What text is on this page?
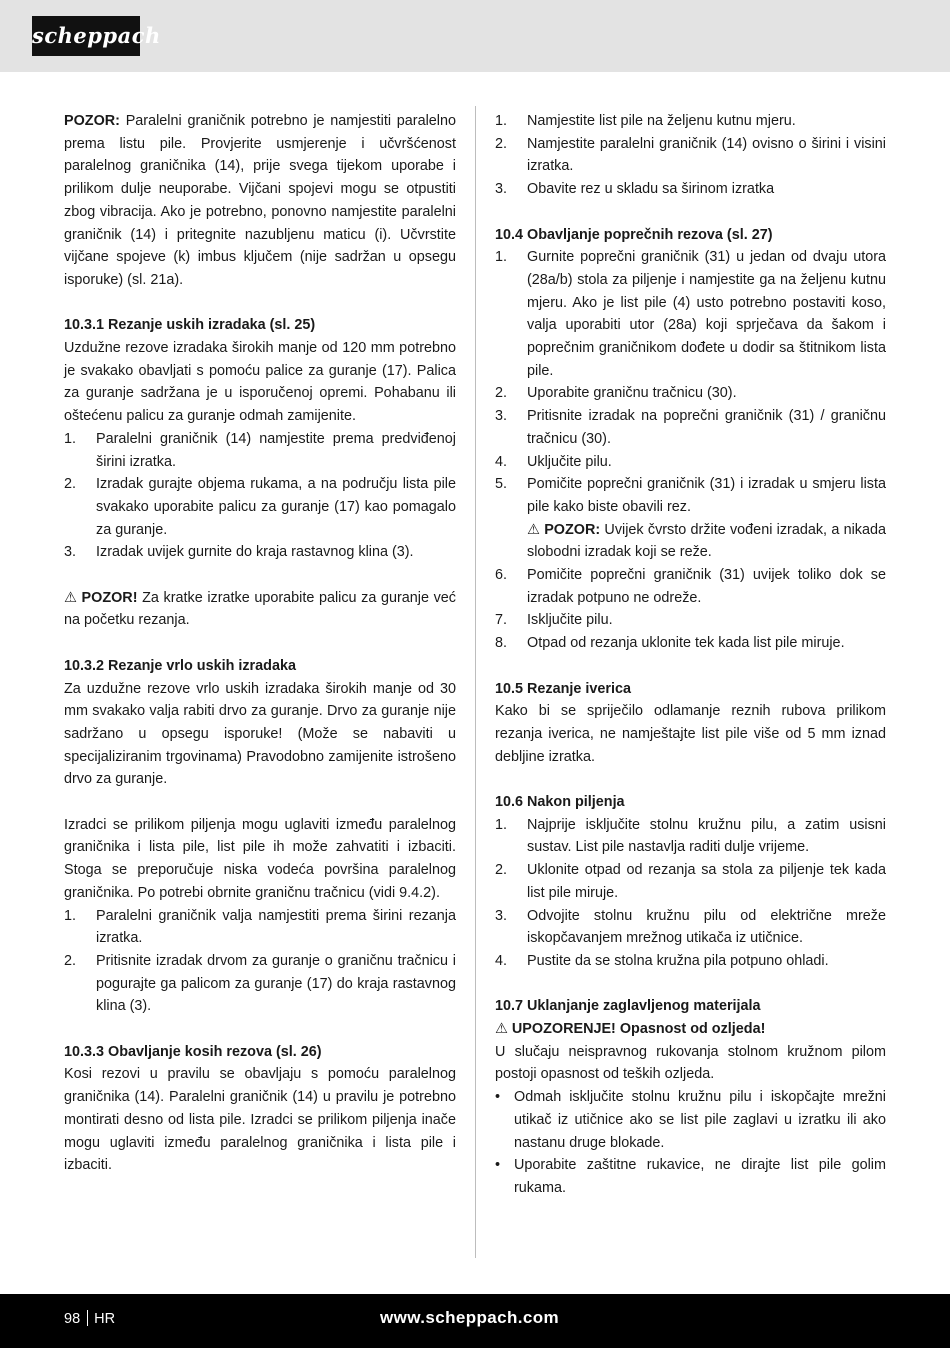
scheppach

POZOR: Paralelni graničnik potrebno je namjestiti paralelno prema listu pile. Provjerite usmjerenje i učvršćenost paralelnog graničnika (14), prije svega tijekom uporabe i prilikom dulje neuporabe. Vijčani spojevi mogu se otpustiti zbog vibracija. Ako je potrebno, ponovno namjestite paralelni graničnik (14) i pritegnite nazubljenu maticu (i). Učvrstite vijčane spojeve (k) imbus ključem (nije sadržan u opsegu isporuke) (sl. 21a).

10.3.1 Rezanje uskih izradaka (sl. 25)

Uzdužne rezove izradaka širokih manje od 120 mm potrebno je svakako obavljati s pomoću palice za guranje (17). Palica za guranje sadržana je u isporučenoj opremi. Pohabanu ili oštećenu palicu za guranje odmah zamijenite.

1. Paralelni graničnik (14) namjestite prema predviđenoj širini izratka.
2. Izradak gurajte objema rukama, a na području lista pile svakako uporabite palicu za guranje (17) kao pomagalo za guranje.
3. Izradak uvijek gurnite do kraja rastavnog klina (3).

⚠ POZOR! Za kratke izratke uporabite palicu za guranje već na početku rezanja.

10.3.2 Rezanje vrlo uskih izradaka

Za uzdužne rezove vrlo uskih izradaka širokih manje od 30 mm svakako valja rabiti drvo za guranje. Drvo za guranje nije sadržano u opsegu isporuke! (Može se nabaviti u specijaliziranim trgovinama) Pravodobno zamijenite istrošeno drvo za guranje.

Izradci se prilikom piljenja mogu uglaviti između paralelnog graničnika i lista pile, list pile ih može zahvatiti i izbaciti. Stoga se preporučuje niska vodeća površina paralelnog graničnika. Po potrebi obrnite graničnu tračnicu (vidi 9.4.2).

1. Paralelni graničnik valja namjestiti prema širini rezanja izratka.
2. Pritisnite izradak drvom za guranje o graničnu tračnicu i pogurajte ga palicom za guranje (17) do kraja rastavnog klina (3).

10.3.3 Obavljanje kosih rezova (sl. 26)

Kosi rezovi u pravilu se obavljaju s pomoću paralelnog graničnika (14). Paralelni graničnik (14) u pravilu je potrebno montirati desno od lista pile. Izradci se prilikom piljenja inače mogu uglaviti između paralelnog graničnika i lista pile i izbaciti.

1. Namjestite list pile na željenu kutnu mjeru.
2. Namjestite paralelni graničnik (14) ovisno o širini i visini izratka.
3. Obavite rez u skladu sa širinom izratka

10.4 Obavljanje poprečnih rezova (sl. 27)

1. Gurnite poprečni graničnik (31) u jedan od dvaju utora (28a/b) stola za piljenje i namjestite ga na željenu kutnu mjeru. Ako je list pile (4) usto potrebno postaviti koso, valja uporabiti utor (28a) koji sprječava da šakom i poprečnim graničnikom dođete u dodir sa štitnikom lista pile.
2. Uporabite graničnu tračnicu (30).
3. Pritisnite izradak na poprečni graničnik (31) / graničnu tračnicu (30).
4. Uključite pilu.
5. Pomičite poprečni graničnik (31) i izradak u smjeru lista pile kako biste obavili rez.
⚠ POZOR: Uvijek čvrsto držite vođeni izradak, a nikada slobodni izradak koji se reže.
6. Pomičite poprečni graničnik (31) uvijek toliko dok se izradak potpuno ne odreže.
7. Isključite pilu.
8. Otpad od rezanja uklonite tek kada list pile miruje.

10.5 Rezanje iverica

Kako bi se spriječilo odlamanje reznih rubova prilikom rezanja iverica, ne namještajte list pile više od 5 mm iznad debljine izratka.

10.6 Nakon piljenja

1. Najprije isključite stolnu kružnu pilu, a zatim usisni sustav. List pile nastavlja raditi dulje vrijeme.
2. Uklonite otpad od rezanja sa stola za piljenje tek kada list pile miruje.
3. Odvojite stolnu kružnu pilu od električne mreže iskopčavanjem mrežnog utikača iz utičnice.
4. Pustite da se stolna kružna pila potpuno ohladi.

10.7 Uklanjanje zaglavljenog materijala

⚠ UPOZORENJE! Opasnost od ozljeda!

U slučaju neispravnog rukovanja stolnom kružnom pilom postoji opasnost od teških ozljeda.

• Odmah isključite stolnu kružnu pilu i iskopčajte mrežni utikač iz utičnice ako se list pile zaglavi u izratku ili ako nastanu druge blokade.
• Uporabite zaštitne rukavice, ne dirajte list pile golim rukama.
98 HR	www.scheppach.com
